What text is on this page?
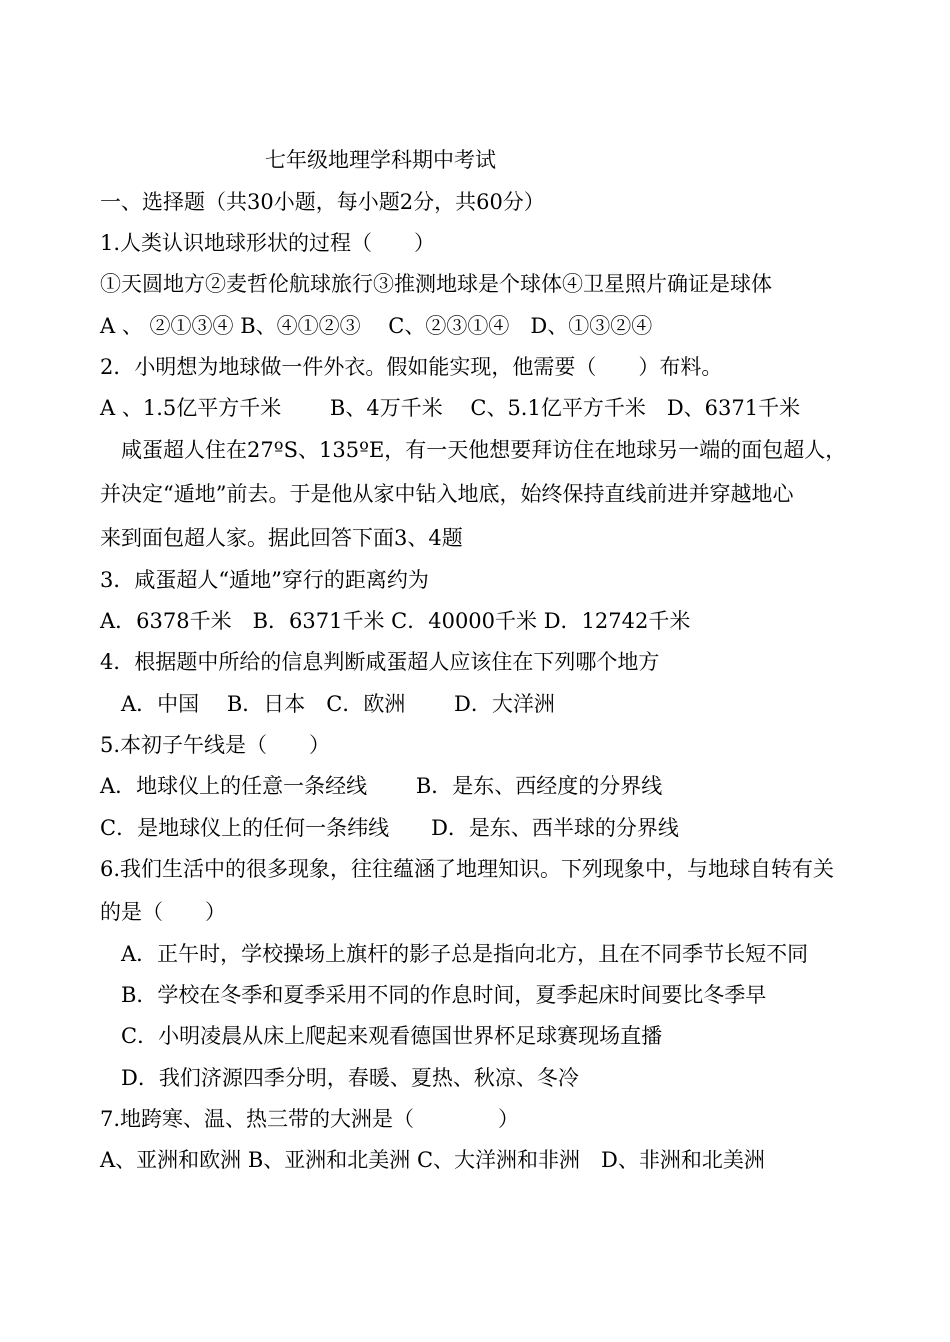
七年级地理学科期中考试
一、选择题（共30小题，每小题2分，共60分）
1.人类认识地球形状的过程（　　）
①天圆地方②麦哲伦航球旅行③推测地球是个球体④卫星照片确证是球体
A 、 ②①③④ B、④①②③　 C、②③①④　D、①③②④
2．小明想为地球做一件外衣。假如能实现，他需要（　　）布料。
A 、1.5亿平方千米　　 B、4万千米　 C、5.1亿平方千米　D、6371千米
　咸蛋超人住在27ºS、135ºE，有一天他想要拜访住在地球另一端的面包超人，
并决定“遁地”前去。于是他从家中钻入地底，始终保持直线前进并穿越地心
来到面包超人家。据此回答下面3、4题
3．咸蛋超人“遁地”穿行的距离约为
A．6378千米　B．6371千米 C．40000千米 D．12742千米
4．根据题中所给的信息判断咸蛋超人应该住在下列哪个地方
　A．中国　 B．日本　C．欧洲　　 D．大洋洲
5.本初子午线是（　　）
A．地球仪上的任意一条经线　　 B．是东、西经度的分界线
C．是地球仪上的任何一条纬线　　D．是东、西半球的分界线
6.我们生活中的很多现象，往往蕴涵了地理知识。下列现象中，与地球自转有关
的是（　　）
　A．正午时，学校操场上旗杆的影子总是指向北方，且在不同季节长短不同
　B．学校在冬季和夏季采用不同的作息时间，夏季起床时间要比冬季早
　C．小明凌晨从床上爬起来观看德国世界杯足球赛现场直播
　D．我们济源四季分明，春暖、夏热、秋凉、冬冷
7.地跨寒、温、热三带的大洲是（　　　　）
A、亚洲和欧洲 B、亚洲和北美洲 C、大洋洲和非洲　D、非洲和北美洲
